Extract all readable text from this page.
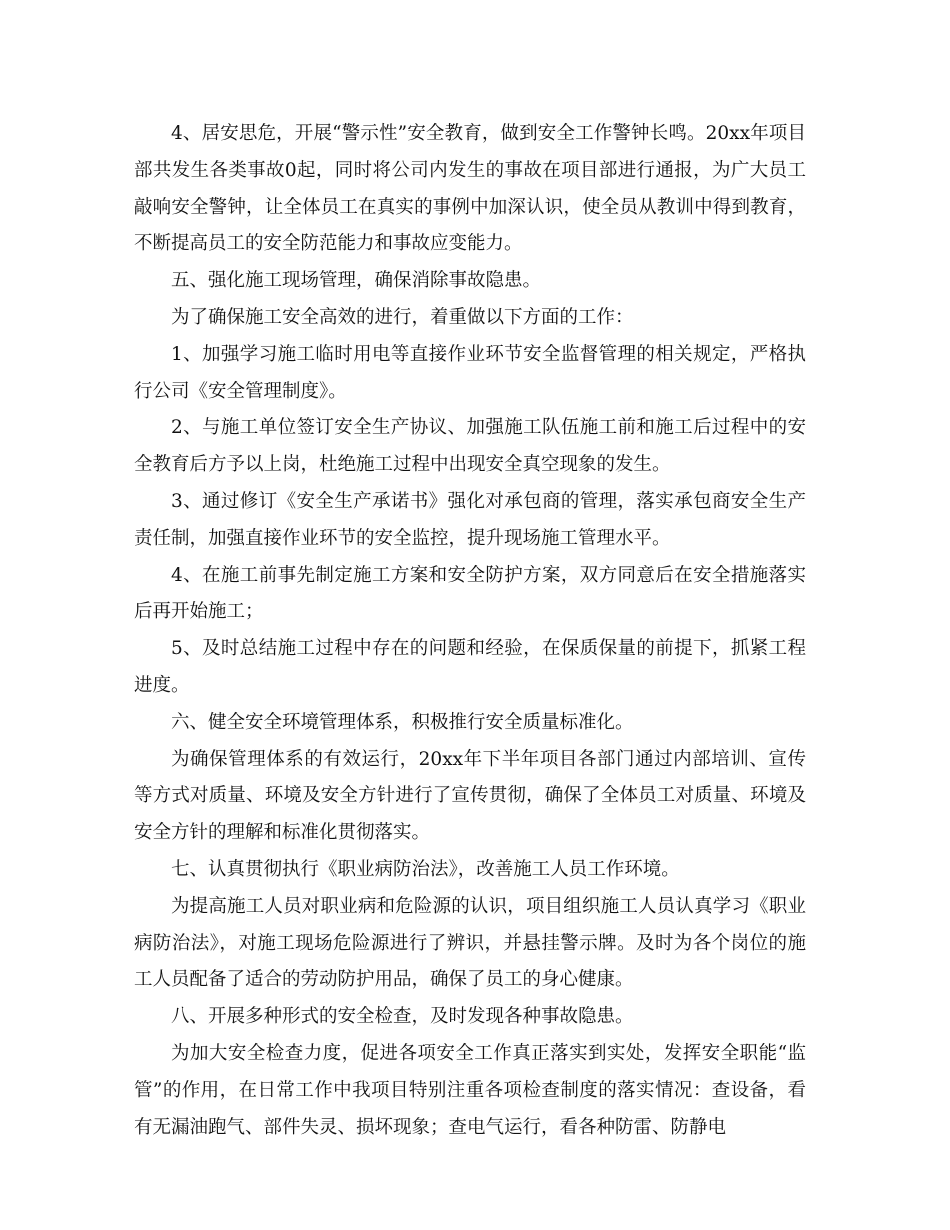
4、居安思危，开展“警示性”安全教育，做到安全工作警钟长鸣。20xx年项目部共发生各类事故0起，同时将公司内发生的事故在项目部进行通报，为广大员工敲响安全警钟，让全体员工在真实的事例中加深认识，使全员从教训中得到教育，不断提高员工的安全防范能力和事故应变能力。

五、强化施工现场管理，确保消除事故隐患。

为了确保施工安全高效的进行，着重做以下方面的工作：

1、加强学习施工临时用电等直接作业环节安全监督管理的相关规定，严格执行公司《安全管理制度》。

2、与施工单位签订安全生产协议、加强施工队伍施工前和施工后过程中的安全教育后方予以上岗，杜绝施工过程中出现安全真空现象的发生。

3、通过修订《安全生产承诺书》强化对承包商的管理，落实承包商安全生产责任制，加强直接作业环节的安全监控，提升现场施工管理水平。

4、在施工前事先制定施工方案和安全防护方案，双方同意后在安全措施落实后再开始施工；

5、及时总结施工过程中存在的问题和经验，在保质保量的前提下，抓紧工程进度。

六、健全安全环境管理体系，积极推行安全质量标准化。

为确保管理体系的有效运行，20xx年下半年项目各部门通过内部培训、宣传等方式对质量、环境及安全方针进行了宣传贯彻，确保了全体员工对质量、环境及安全方针的理解和标准化贯彻落实。

七、认真贯彻执行《职业病防治法》，改善施工人员工作环境。

为提高施工人员对职业病和危险源的认识，项目组织施工人员认真学习《职业病防治法》，对施工现场危险源进行了辨识，并悬挂警示牌。及时为各个岗位的施工人员配备了适合的劳动防护用品，确保了员工的身心健康。

八、开展多种形式的安全检查，及时发现各种事故隐患。

为加大安全检查力度，促进各项安全工作真正落实到实处，发挥安全职能“监管”的作用，在日常工作中我项目特别注重各项检查制度的落实情况：查设备，看有无漏油跑气、部件失灵、损坏现象；查电气运行，看各种防雷、防静电
